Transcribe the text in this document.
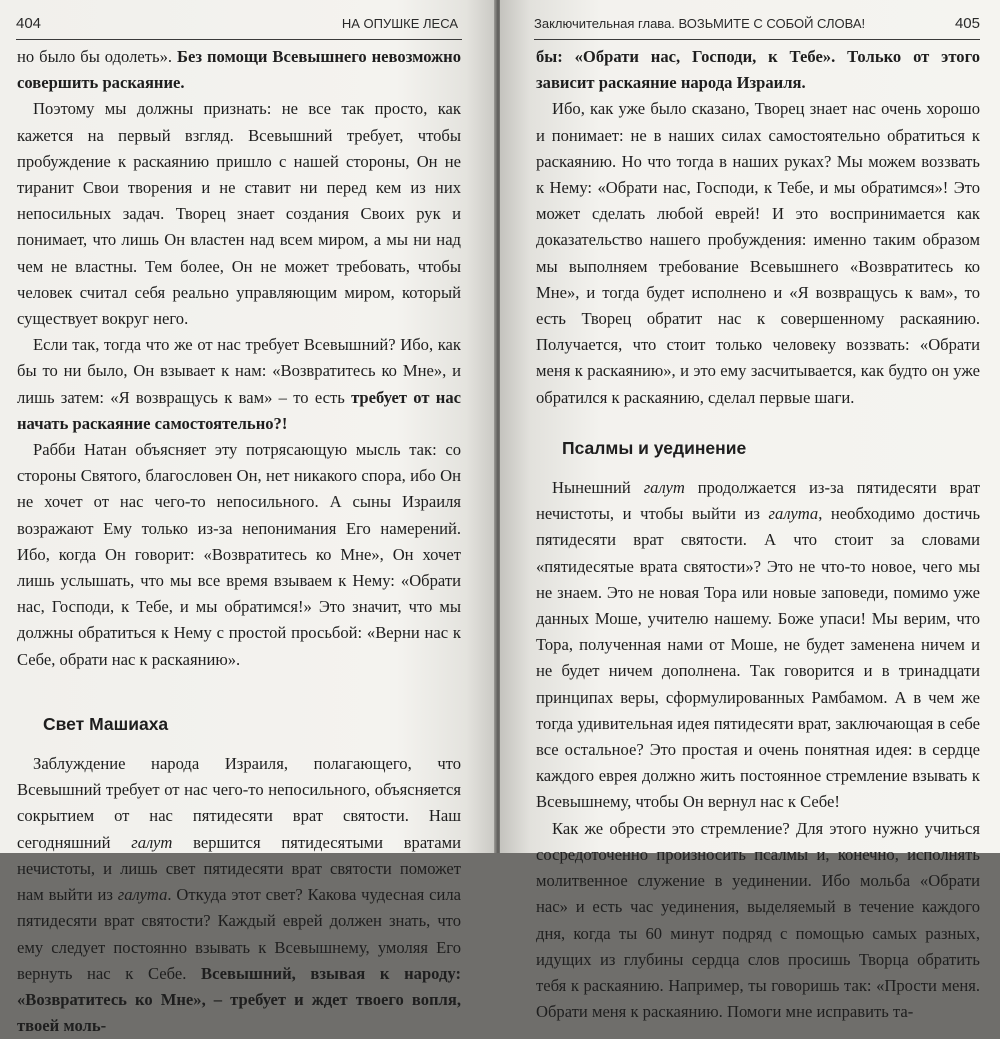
404	НА ОПУШКЕ ЛЕСА

но было бы одолеть». Без помощи Всевышнего невозможно совершить раскаяние.

Поэтому мы должны признать: не все так просто, как кажется на первый взгляд. Всевышний требует, чтобы пробуждение к раскаянию пришло с нашей стороны, Он не тиранит Свои творения и не ставит ни перед кем из них непосильных задач. Творец знает создания Своих рук и понимает, что лишь Он властен над всем миром, а мы ни над чем не властны. Тем более, Он не может требовать, чтобы человек считал себя реально управляющим миром, который существует вокруг него.

Если так, тогда что же от нас требует Всевышний? Ибо, как бы то ни было, Он взывает к нам: «Возвратитесь ко Мне», и лишь затем: «Я возвращусь к вам» – то есть требует от нас начать раскаяние самостоятельно?!

Рабби Натан объясняет эту потрясающую мысль так: со стороны Святого, благословен Он, нет никакого спора, ибо Он не хочет от нас чего-то непосильного. А сыны Израиля возражают Ему только из-за непонимания Его намерений. Ибо, когда Он говорит: «Возвратитесь ко Мне», Он хочет лишь услышать, что мы все время взываем к Нему: «Обрати нас, Господи, к Тебе, и мы обратимся!» Это значит, что мы должны обратиться к Нему с простой просьбой: «Верни нас к Себе, обрати нас к раскаянию».

Свет Машиаха

Заблуждение народа Израиля, полагающего, что Всевышний требует от нас чего-то непосильного, объясняется сокрытием от нас пятидесяти врат святости. Наш сегодняшний галут вершится пятидесятыми вратами нечистоты, и лишь свет пятидесяти врат святости поможет нам выйти из галута. Откуда этот свет? Какова чудесная сила пятидесяти врат святости? Каждый еврей должен знать, что ему следует постоянно взывать к Всевышнему, умоляя Его вернуть нас к Себе. Всевышний, взывая к народу: «Возвратитесь ко Мне», – требует и ждет твоего вопля, твоей моль-

Заключительная глава. ВОЗЬМИТЕ С СОБОЙ СЛОВА!	405

бы: «Обрати нас, Господи, к Тебе». Только от этого зависит раскаяние народа Израиля.

Ибо, как уже было сказано, Творец знает нас очень хорошо и понимает: не в наших силах самостоятельно обратиться к раскаянию. Но что тогда в наших руках? Мы можем воззвать к Нему: «Обрати нас, Господи, к Тебе, и мы обратимся»! Это может сделать любой еврей! И это воспринимается как доказательство нашего пробуждения: именно таким образом мы выполняем требование Всевышнего «Возвратитесь ко Мне», и тогда будет исполнено и «Я возвращусь к вам», то есть Творец обратит нас к совершенному раскаянию. Получается, что стоит только человеку воззвать: «Обрати меня к раскаянию», и это ему засчитывается, как будто он уже обратился к раскаянию, сделал первые шаги.

Псалмы и уединение

Нынешний галут продолжается из-за пятидесяти врат нечистоты, и чтобы выйти из галута, необходимо достичь пятидесяти врат святости. А что стоит за словами «пятидесятые врата святости»? Это не что-то новое, чего мы не знаем. Это не новая Тора или новые заповеди, помимо уже данных Моше, учителю нашему. Боже упаси! Мы верим, что Тора, полученная нами от Моше, не будет заменена ничем и не будет ничем дополнена. Так говорится и в тринадцати принципах веры, сформулированных Рамбамом. А в чем же тогда удивительная идея пятидесяти врат, заключающая в себе все остальное? Это простая и очень понятная идея: в сердце каждого еврея должно жить постоянное стремление взывать к Всевышнему, чтобы Он вернул нас к Себе!

Как же обрести это стремление? Для этого нужно учиться сосредоточенно произносить псалмы и, конечно, исполнять молитвенное служение в уединении. Ибо мольба «Обрати нас» и есть час уединения, выделяемый в течение каждого дня, когда ты 60 минут подряд с помощью самых разных, идущих из глубины сердца слов просишь Творца обратить тебя к раскаянию. Например, ты говоришь так: «Прости меня. Обрати меня к раскаянию. Помоги мне исправить та-
